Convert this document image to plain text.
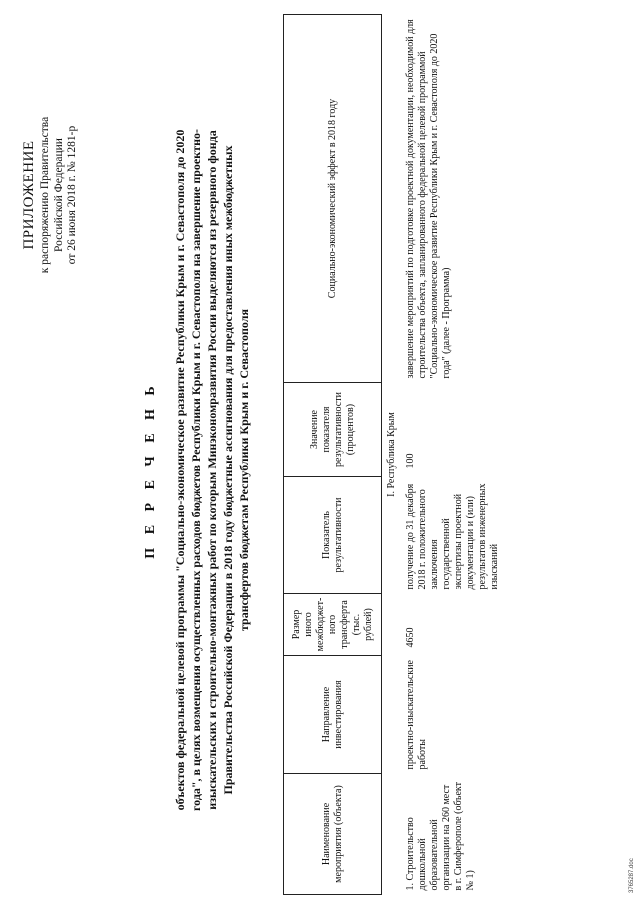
ПРИЛОЖЕНИЕ к распоряжению Правительства Российской Федерации от 26 июня 2018 г. № 1281-р
П Е Р Е Ч Е Н Ь	объектов федеральной целевой программы "Социально-экономическое развитие Республики Крым и г. Севастополя до 2020 года", в целях возмещения осуществленных расходов бюджетов Республики Крым и г. Севастополя на завершение проектно-изыскательских и строительно-монтажных работ по которым Минэкономразвития России выделяются из резервного фонда Правительства Российской Федерации в 2018 году бюджетные ассигнования для предоставления иных межбюджетных трансфертов бюджетам Республики Крым и г. Севастополя
Наименование мероприятия (объекта)	Направление инвестирования	Размер иного межбюджет-ного трансферта (тыс. рублей)	Показатель результативности	Значение показателя результативности (процентов)	Социально-экономический эффект в 2018 году
I. Республика Крым					
1. Строительство дошкольной образовательной организации на 260 мест в г. Симферополе (объект № 1)	проектно-изыскательские работы	4650	получение до 31 декабря 2018 г. положительного заключения государственной экспертизы проектной документации и (или) результатов инженерных изысканий	100	завершение мероприятий по подготовке проектной документации, необходимой для строительства объекта, запланированного федеральной целевой программой "Социально-экономическое развитие Республики Крым и г. Севастополя до 2020 года" (далее - Программа)
3765287.doc
